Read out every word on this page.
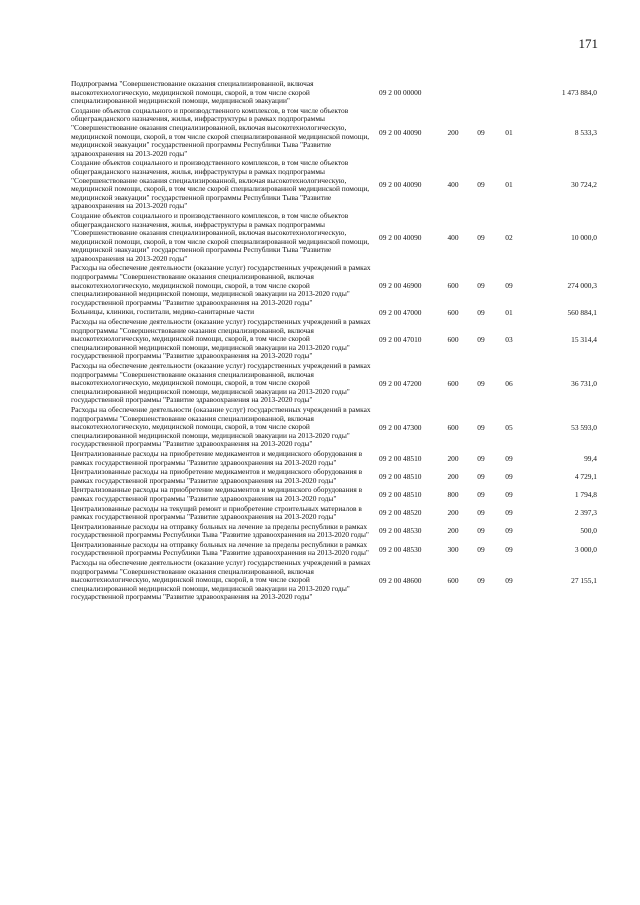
171
Подпрограмма "Совершенствование оказания специализированной, включая высокотехнологическую, медицинской помощи, скорой, в том числе скорой специализированной медицинской помощи, медицинской эвакуации"	09 2 00 00000				1 473 884,0
Создание объектов социального и производственного комплексов, в том числе объектов общегражданского назначения, жилья, инфраструктуры в рамках подпрограммы "Совершенствование оказания специализированной, включая высокотехнологическую, медицинской помощи, скорой, в том числе скорой специализированной медицинской помощи, медицинской эвакуации" государственной программы Республики Тыва "Развитие здравоохранения на 2013-2020 годы"	09 2 00 40090	200	09	01	8 533,3
Создание объектов социального и производственного комплексов, в том числе объектов общегражданского назначения, жилья, инфраструктуры в рамках подпрограммы "Совершенствование оказания специализированной, включая высокотехнологическую, медицинской помощи, скорой, в том числе скорой специализированной медицинской помощи, медицинской эвакуации" государственной программы Республики Тыва "Развитие здравоохранения на 2013-2020 годы"	09 2 00 40090	400	09	01	30 724,2
Создание объектов социального и производственного комплексов, в том числе объектов общегражданского назначения, жилья, инфраструктуры в рамках подпрограммы "Совершенствование оказания специализированной, включая высокотехнологическую, медицинской помощи, скорой, в том числе скорой специализированной медицинской помощи, медицинской эвакуации" государственной программы Республики Тыва "Развитие здравоохранения на 2013-2020 годы"	09 2 00 40090	400	09	02	10 000,0
Расходы на обеспечение деятельности (оказание услуг) государственных учреждений в рамках подпрограммы "Совершенствование оказания специализированной, включая высокотехнологическую, медицинской помощи, скорой, в том числе скорой специализированной медицинской помощи, медицинской эвакуации на 2013-2020 годы" государственной программы "Развитие здравоохранения на 2013-2020 годы"	09 2 00 46900	600	09	09	274 000,3
Больницы, клиники, госпитали, медико-санитарные части	09 2 00 47000	600	09	01	560 884,1
Расходы на обеспечение деятельности (оказание услуг) государственных учреждений в рамках подпрограммы "Совершенствование оказания специализированной, включая высокотехнологическую, медицинской помощи, скорой, в том числе скорой специализированной медицинской помощи, медицинской эвакуации на 2013-2020 годы" государственной программы "Развитие здравоохранения на 2013-2020 годы"	09 2 00 47010	600	09	03	15 314,4
Расходы на обеспечение деятельности (оказание услуг) государственных учреждений в рамках подпрограммы "Совершенствование оказания специализированной, включая высокотехнологическую, медицинской помощи, скорой, в том числе скорой специализированной медицинской помощи, медицинской эвакуации на 2013-2020 годы" государственной программы "Развитие здравоохранения на 2013-2020 годы"	09 2 00 47200	600	09	06	36 731,0
Расходы на обеспечение деятельности (оказание услуг) государственных учреждений в рамках подпрограммы "Совершенствование оказания специализированной, включая высокотехнологическую, медицинской помощи, скорой, в том числе скорой специализированной медицинской помощи, медицинской эвакуации на 2013-2020 годы" государственной программы "Развитие здравоохранения на 2013-2020 годы"	09 2 00 47300	600	09	05	53 593,0
Централизованные расходы на приобретение медикаментов и медицинского оборудования в рамках государственной программы "Развитие здравоохранения на 2013-2020 годы"	09 2 00 48510	200	09	09	99,4
Централизованные расходы на приобретение медикаментов и медицинского оборудования в рамках государственной программы "Развитие здравоохранения на 2013-2020 годы"	09 2 00 48510	200	09	09	4 729,1
Централизованные расходы на приобретение медикаментов и медицинского оборудования в рамках государственной программы "Развитие здравоохранения на 2013-2020 годы"	09 2 00 48510	800	09	09	1 794,8
Централизованные расходы на текущий ремонт и приобретение строительных материалов в рамках государственной программы "Развитие здравоохранения на 2013-2020 годы"	09 2 00 48520	200	09	09	2 397,3
Централизованные расходы на отправку больных на лечение за пределы республики в рамках государственной программы Республики Тыва "Развитие здравоохранения на 2013-2020 годы"	09 2 00 48530	200	09	09	500,0
Централизованные расходы на отправку больных на лечение за пределы республики в рамках государственной программы Республики Тыва "Развитие здравоохранения на 2013-2020 годы"	09 2 00 48530	300	09	09	3 000,0
Расходы на обеспечение деятельности (оказание услуг) государственных учреждений в рамках подпрограммы "Совершенствование оказания специализированной, включая высокотехнологическую, медицинской помощи, скорой, в том числе скорой специализированной медицинской помощи, медицинской эвакуации на 2013-2020 годы" государственной программы "Развитие здравоохранения на 2013-2020 годы"	09 2 00 48600	600	09	09	27 155,1
